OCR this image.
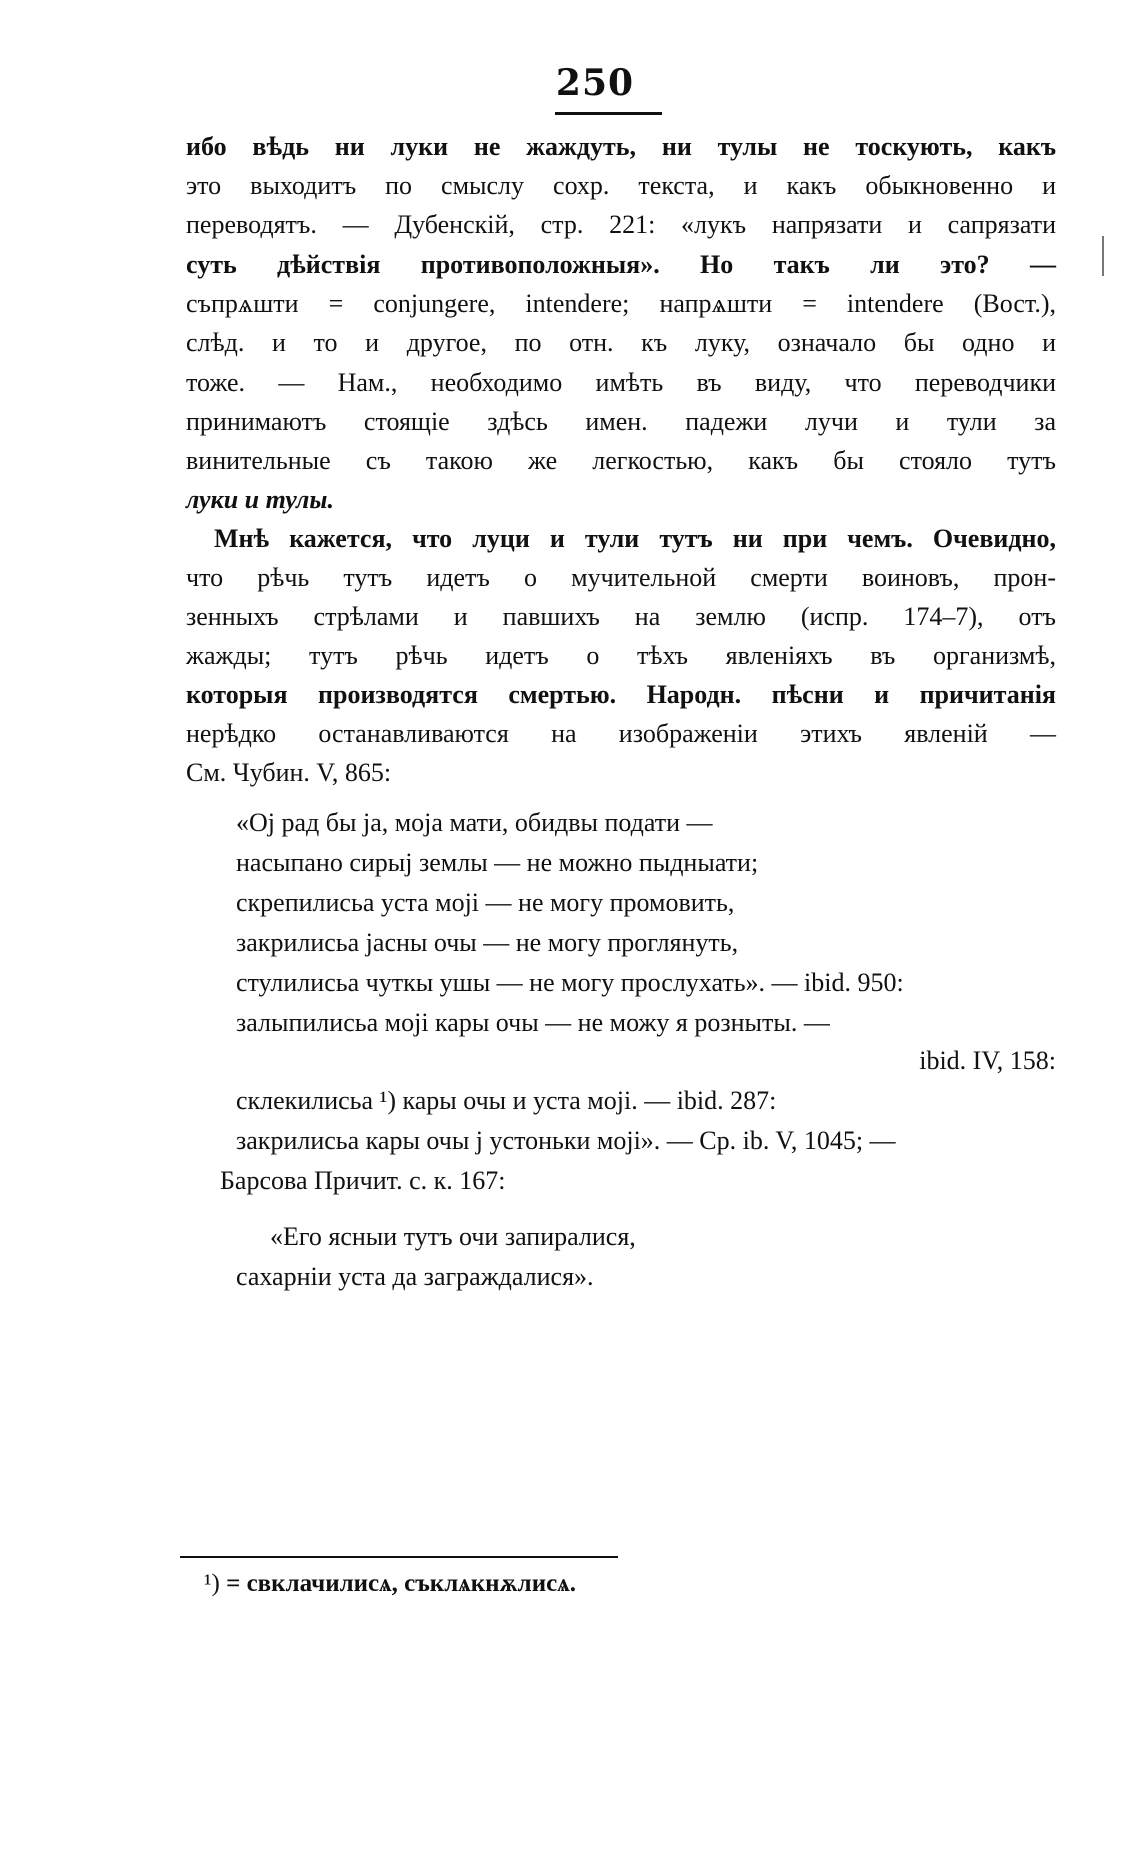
250
ибо вѣдь ни луки не жаждуть, ни тулы не тоскують, какъ
это выходитъ по смыслу сохр. текста, и какъ обыкновенно и
переводятъ. — Дубенскій, стр. 221: «лукъ напрязати и сапрязати
суть дѣйствія противоположныя». Но такъ ли это? —
съпрѧшти = conjungere, intendere; напрѧшти = intendere (Вост.),
слѣд. и то и другое, по отн. къ луку, означало бы одно и
тоже. — Нам., необходимо имѣть въ виду, что переводчики
принимаютъ стоящіе здѣсь имен. падежи лучи и тули за
винительные съ такою же легкостью, какъ бы стояло тутъ
луки и тулы.
Мнѣ кажется, что луци и тули тутъ ни при чемъ. Очевидно,
что рѣчь тутъ идетъ о мучительной смерти воиновъ, прон-
зенныхъ стрѣлами и павшихъ на землю (испр. 174–7), отъ
жажды; тутъ рѣчь идетъ о тѣхъ явленіяхъ въ организмѣ,
которыя производятся смертью. Народн. пѣсни и причитанія
нерѣдко останавливаются на изображеніи этихъ явленій —
См. Чубин. V, 865:
«Ој рад бы ја, моја мати, обидвы подати —
насыпано сирыј землы — не можно пыдныати;
скрепилисьа уста моjі — не могу промовить,
закрилисьа јасны очы — не могу проглянуть,
стулилисьа чуткы ушы — не могу прослухать». — ibid. 950:
залыпилисьа моjі кары очы — не можу я розныты. —
ibid. IV, 158:
склекилисьа ¹) кары очы и уста моjі. — ibid. 287:
закрилисьа кары очы j устоньки моjі». — Ср. ib. V, 1045; —
Барсова Причит. с. к. 167:
«Его ясныи тутъ очи запиралися,
сахарніи уста да заграждалися».
¹) = свклачилисѧ, съклѧкнѫлисѧ.
